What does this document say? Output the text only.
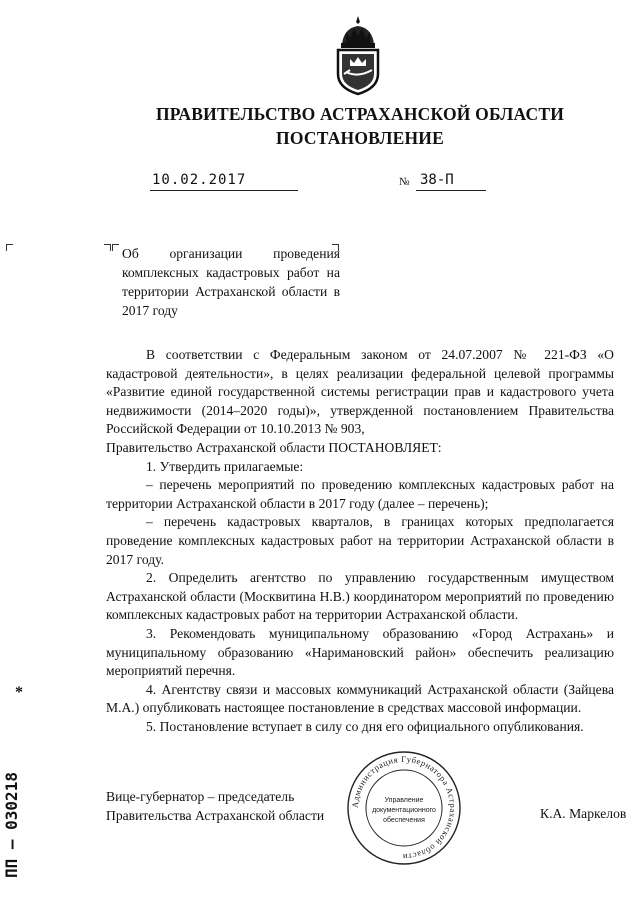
ПРАВИТЕЛЬСТВО АСТРАХАНСКОЙ ОБЛАСТИ
ПОСТАНОВЛЕНИЕ
10.02.2017	№ 38-П
Об организации проведения комплексных кадастровых работ на территории Астраханской области в 2017 году

В соответствии с Федеральным законом от 24.07.2007 № 221-ФЗ «О кадастровой деятельности», в целях реализации федеральной целевой программы «Развитие единой государственной системы регистрации прав и кадастрового учета недвижимости (2014–2020 годы)», утвержденной постановлением Правительства Российской Федерации от 10.10.2013 № 903,

Правительство Астраханской области ПОСТАНОВЛЯЕТ:

1. Утвердить прилагаемые:

– перечень мероприятий по проведению комплексных кадастровых работ на территории Астраханской области в 2017 году (далее – перечень);

– перечень кадастровых кварталов, в границах которых предполагается проведение комплексных кадастровых работ на территории Астраханской области в 2017 году.

2. Определить агентство по управлению государственным имуществом Астраханской области (Москвитина Н.В.) координатором мероприятий по проведению комплексных кадастровых работ на территории Астраханской области.

3. Рекомендовать муниципальному образованию «Город Астрахань» и муниципальному образованию «Наримановский район» обеспечить реализацию мероприятий перечня.

4. Агентству связи и массовых коммуникаций Астраханской области (Зайцева М.А.) опубликовать настоящее постановление в средствах массовой информации.

5. Постановление вступает в силу со дня его официального опубликования.

Вице-губернатор – председатель
Правительства Астраханской области	К.А. Маркелов
Администрация Губернатора Астраханской области
Управление
документационного
обеспечения
ПП – 030218
*
